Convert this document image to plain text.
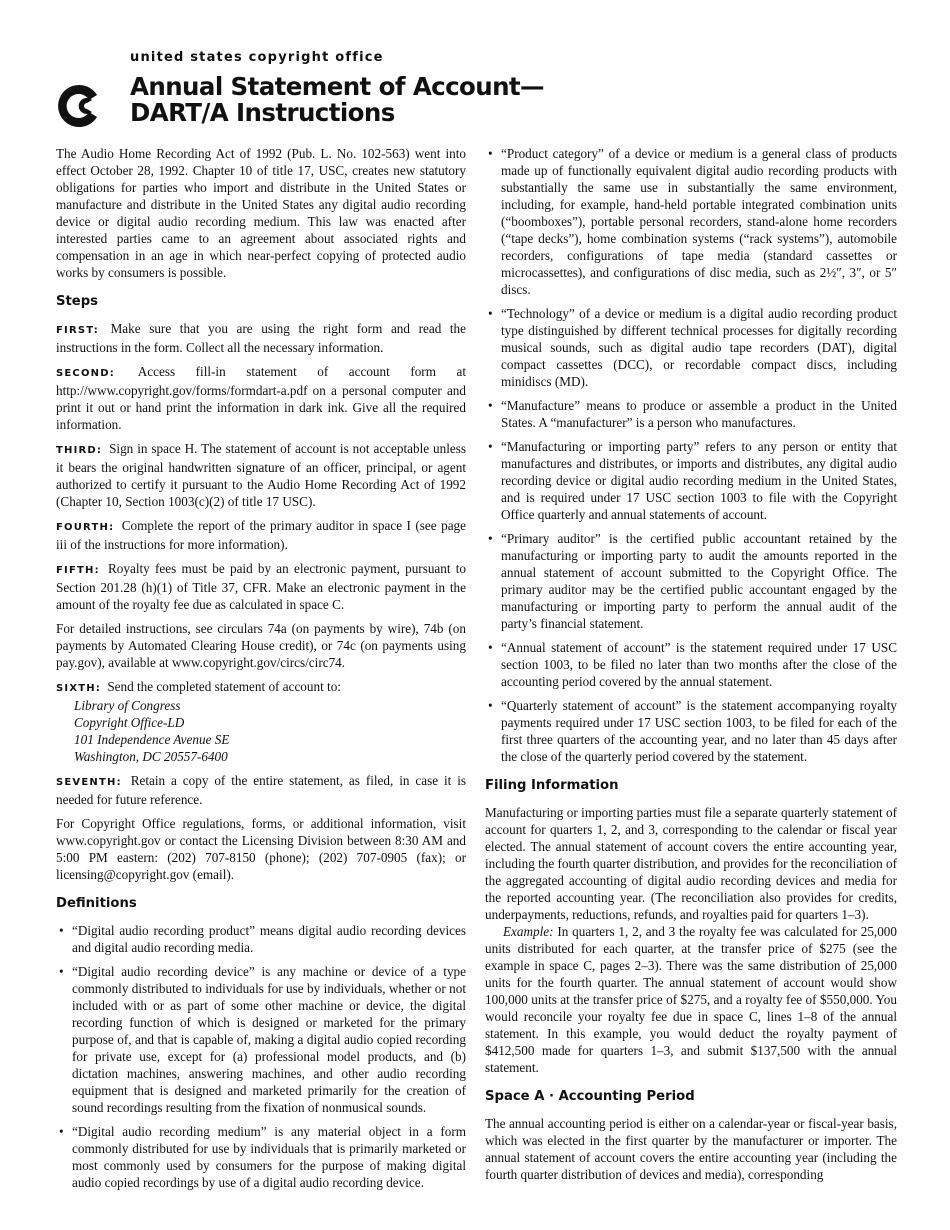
united states copyright office
Annual Statement of Account—
DART/A Instructions

The Audio Home Recording Act of 1992 (Pub. L. No. 102-563) went into effect October 28, 1992. Chapter 10 of title 17, USC, creates new statutory obligations for parties who import and distribute in the United States or manufacture and distribute in the United States any digital audio recording device or digital audio recording medium. This law was enacted after interested parties came to an agreement about associated rights and compensation in an age in which near-perfect copying of protected audio works by consumers is possible.

Steps

FIRST: Make sure that you are using the right form and read the instructions in the form. Collect all the necessary information.

SECOND: Access fill-in statement of account form at http://www.copyright.gov/forms/formdart-a.pdf on a personal computer and print it out or hand print the information in dark ink. Give all the required information.

THIRD: Sign in space H. The statement of account is not acceptable unless it bears the original handwritten signature of an officer, principal, or agent authorized to certify it pursuant to the Audio Home Recording Act of 1992 (Chapter 10, Section 1003(c)(2) of title 17 USC).

FOURTH: Complete the report of the primary auditor in space I (see page iii of the instructions for more information).

FIFTH: Royalty fees must be paid by an electronic payment, pursuant to Section 201.28 (h)(1) of Title 37, CFR. Make an electronic payment in the amount of the royalty fee due as calculated in space C.

For detailed instructions, see circulars 74a (on payments by wire), 74b (on payments by Automated Clearing House credit), or 74c (on payments using pay.gov), available at www.copyright.gov/circs/circ74.

SIXTH: Send the completed statement of account to:

Library of Congress
Copyright Office-LD
101 Independence Avenue SE
Washington, DC 20557-6400

SEVENTH: Retain a copy of the entire statement, as filed, in case it is needed for future reference.

For Copyright Office regulations, forms, or additional information, visit www.copyright.gov or contact the Licensing Division between 8:30 AM and 5:00 PM eastern: (202) 707-8150 (phone); (202) 707-0905 (fax); or licensing@copyright.gov (email).

Definitions
• “Digital audio recording product” means digital audio recording devices and digital audio recording media.
• “Digital audio recording device” is any machine or device of a type commonly distributed to individuals for use by individuals, whether or not included with or as part of some other machine or device, the digital recording function of which is designed or marketed for the primary purpose of, and that is capable of, making a digital audio copied recording for private use, except for (a) professional model products, and (b) dictation machines, answering machines, and other audio recording equipment that is designed and marketed primarily for the creation of sound recordings resulting from the fixation of nonmusical sounds.
• “Digital audio recording medium” is any material object in a form commonly distributed for use by individuals that is primarily marketed or most commonly used by consumers for the purpose of making digital audio copied recordings by use of a digital audio recording device.
• “Product category” of a device or medium is a general class of products made up of functionally equivalent digital audio recording products with substantially the same use in substantially the same environment, including, for example, hand-held portable integrated combination units (“boomboxes”), portable personal recorders, stand-alone home recorders (“tape decks”), home combination systems (“rack systems”), automobile recorders, configurations of tape media (standard cassettes or microcassettes), and configurations of disc media, such as 2½″, 3″, or 5″ discs.
• “Technology” of a device or medium is a digital audio recording product type distinguished by different technical processes for digitally recording musical sounds, such as digital audio tape recorders (DAT), digital compact cassettes (DCC), or recordable compact discs, including minidiscs (MD).
• “Manufacture” means to produce or assemble a product in the United States. A “manufacturer” is a person who manufactures.
• “Manufacturing or importing party” refers to any person or entity that manufactures and distributes, or imports and distributes, any digital audio recording device or digital audio recording medium in the United States, and is required under 17 USC section 1003 to file with the Copyright Office quarterly and annual statements of account.
• “Primary auditor” is the certified public accountant retained by the manufacturing or importing party to audit the amounts reported in the annual statement of account submitted to the Copyright Office. The primary auditor may be the certified public accountant engaged by the manufacturing or importing party to perform the annual audit of the party’s financial statement.
• “Annual statement of account” is the statement required under 17 USC section 1003, to be filed no later than two months after the close of the accounting period covered by the annual statement.
• “Quarterly statement of account” is the statement accompanying royalty payments required under 17 USC section 1003, to be filed for each of the first three quarters of the accounting year, and no later than 45 days after the close of the quarterly period covered by the statement.
Filing Information

Manufacturing or importing parties must file a separate quarterly statement of account for quarters 1, 2, and 3, corresponding to the calendar or fiscal year elected. The annual statement of account covers the entire accounting year, including the fourth quarter distribution, and provides for the reconciliation of the aggregated accounting of digital audio recording devices and media for the reported accounting year. (The reconciliation also provides for credits, underpayments, reductions, refunds, and royalties paid for quarters 1–3).

Example: In quarters 1, 2, and 3 the royalty fee was calculated for 25,000 units distributed for each quarter, at the transfer price of $275 (see the example in space C, pages 2–3). There was the same distribution of 25,000 units for the fourth quarter. The annual statement of account would show 100,000 units at the transfer price of $275, and a royalty fee of $550,000. You would reconcile your royalty fee due in space C, lines 1–8 of the annual statement. In this example, you would deduct the royalty payment of $412,500 made for quarters 1–3, and submit $137,500 with the annual statement.

Space A · Accounting Period

The annual accounting period is either on a calendar-year or fiscal-year basis, which was elected in the first quarter by the manufacturer or importer. The annual statement of account covers the entire accounting year (including the fourth quarter distribution of devices and media), corresponding
